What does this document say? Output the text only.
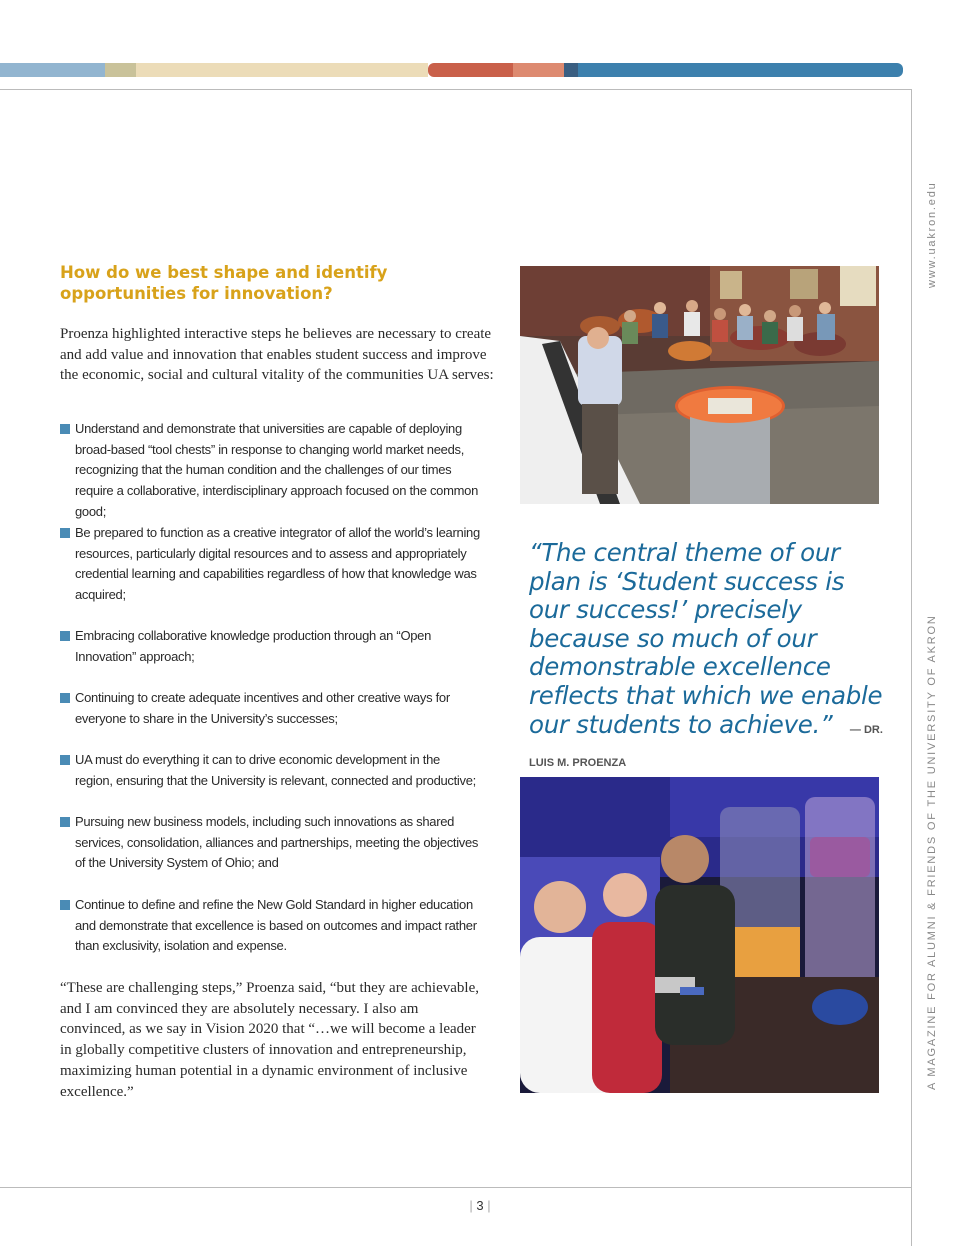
www.uakron.edu
A MAGAZINE FOR ALUMNI & FRIENDS OF THE UNIVERSITY OF AKRON
How do we best shape and identify
opportunities for innovation?
Proenza highlighted interactive steps he believes are necessary to create and add value and innovation that enables student success and improve the economic, social and cultural vitality of the communities UA serves:
Understand and demonstrate that universities are capable of deploying broad-based “tool chests” in response to changing world market needs, recognizing that the human condition and the challenges of our times require a collaborative, interdisciplinary approach focused on the common good;
Be prepared to function as a creative integrator of allof the world’s learning resources, particularly digital resources and to assess and appropriately credential learning and capabilities regardless of how that knowledge was acquired;
Embracing collaborative knowledge production through an “Open Innovation” approach;
Continuing to create adequate incentives and other creative ways for everyone to share in the University’s successes;
UA must do everything it can to drive economic development in the region, ensuring that the University is relevant, connected and productive;
Pursuing new business models, including such innovations as shared services, consolidation, alliances and partnerships, meeting the objectives of the University System of Ohio; and
Continue to define and refine the New Gold Standard in higher education and demonstrate that excellence is based on outcomes and impact rather than exclusivity, isolation and expense.
“These are challenging steps,” Proenza said, “but they are achievable, and I am convinced they are absolutely necessary. I also am convinced, as we say in Vision 2020 that “…we will become a leader in globally competitive clusters of innovation and entrepreneurship, maximizing human potential in a dynamic environment of inclusive excellence.”
“The central theme of our plan is ‘Student success is our success!’ precisely because so much of our demonstrable excellence reflects that which we enable our students to achieve.” — DR. LUIS M. PROENZA
| 3 |
